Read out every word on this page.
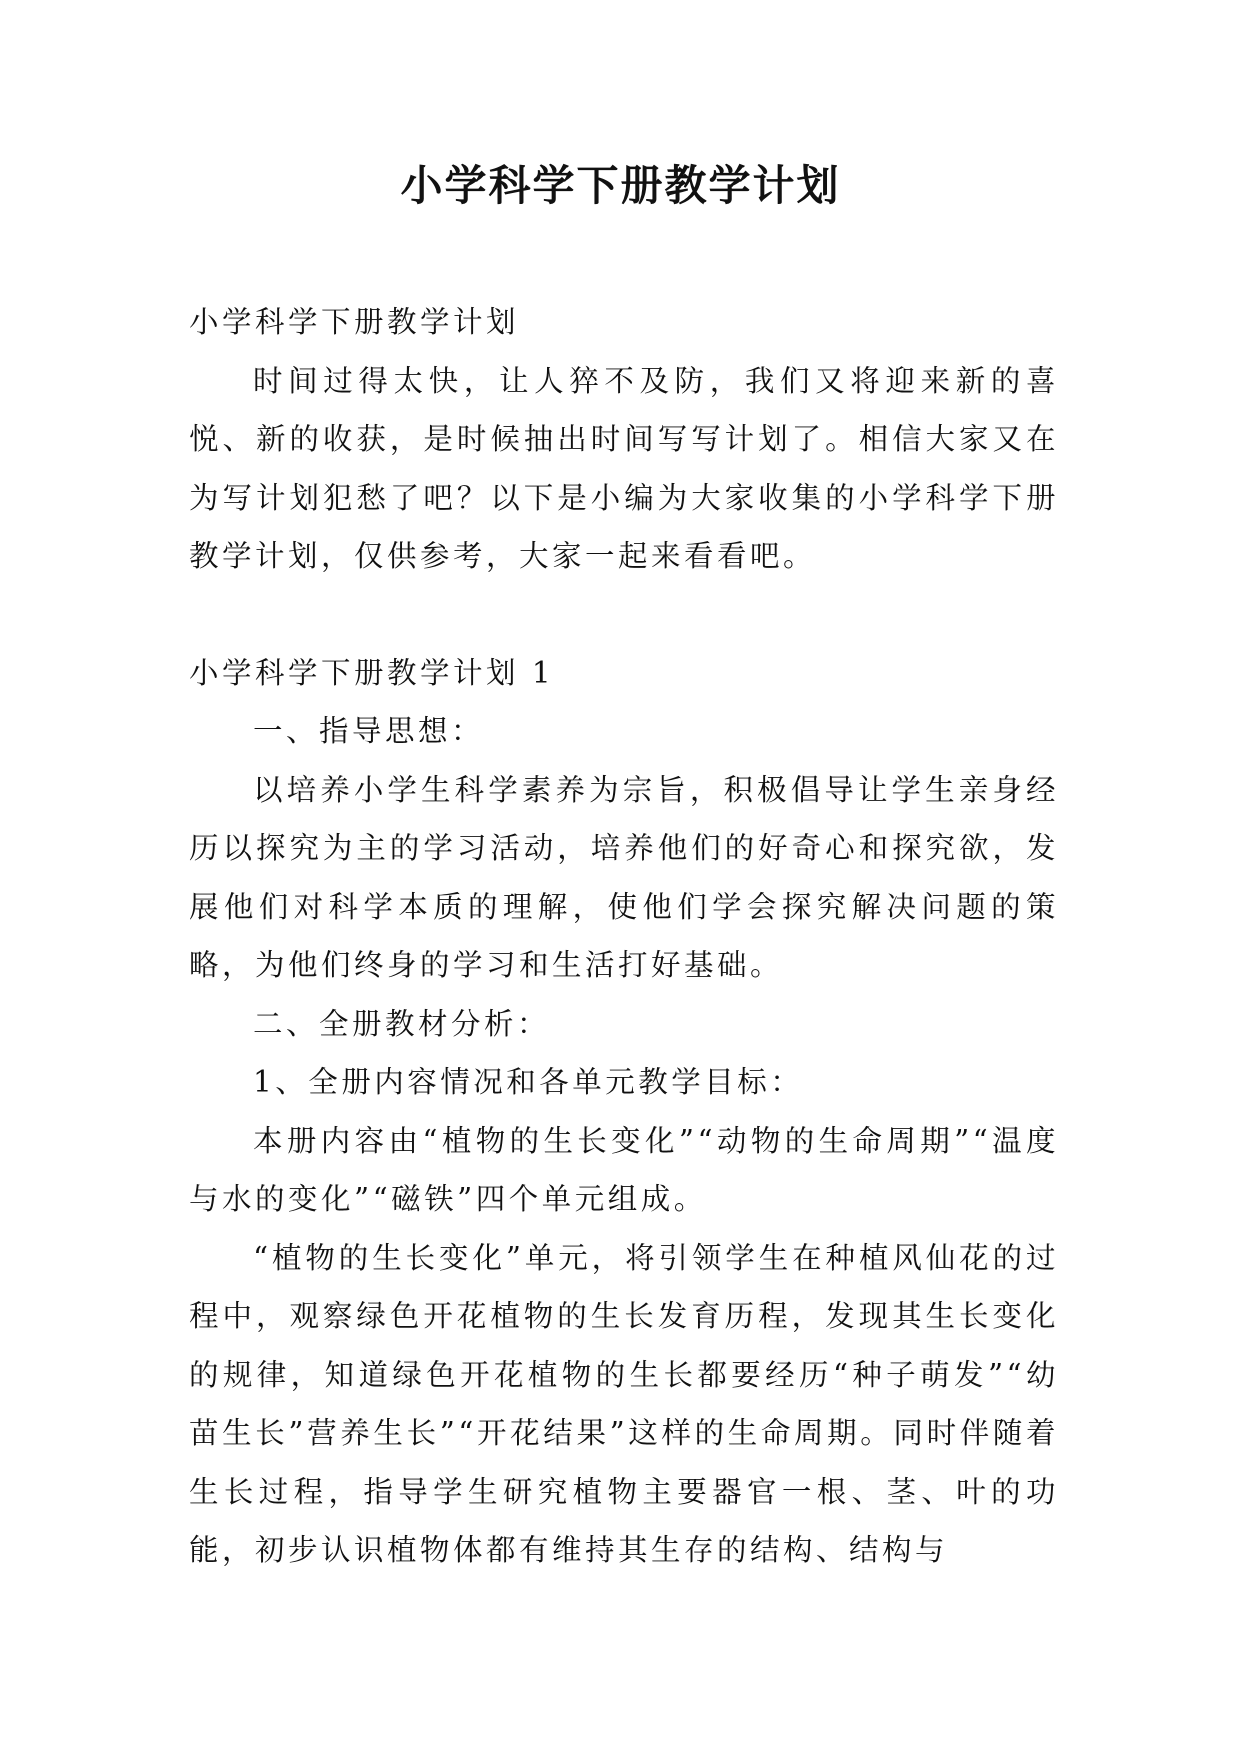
小学科学下册教学计划

小学科学下册教学计划

时间过得太快，让人猝不及防，我们又将迎来新的喜悦、新的收获，是时候抽出时间写写计划了。相信大家又在为写计划犯愁了吧？以下是小编为大家收集的小学科学下册教学计划，仅供参考，大家一起来看看吧。

小学科学下册教学计划 1

一、指导思想：

以培养小学生科学素养为宗旨，积极倡导让学生亲身经历以探究为主的学习活动，培养他们的好奇心和探究欲，发展他们对科学本质的理解，使他们学会探究解决问题的策略，为他们终身的学习和生活打好基础。

二、全册教材分析：

1、全册内容情况和各单元教学目标：

本册内容由“植物的生长变化”“动物的生命周期”“温度与水的变化”“磁铁”四个单元组成。

“植物的生长变化”单元，将引领学生在种植风仙花的过程中，观察绿色开花植物的生长发育历程，发现其生长变化的规律，知道绿色开花植物的生长都要经历“种子萌发”“幼苗生长”营养生长”“开花结果”这样的生命周期。同时伴随着生长过程，指导学生研究植物主要器官一根、茎、叶的功能，初步认识植物体都有维持其生存的结构、结构与
